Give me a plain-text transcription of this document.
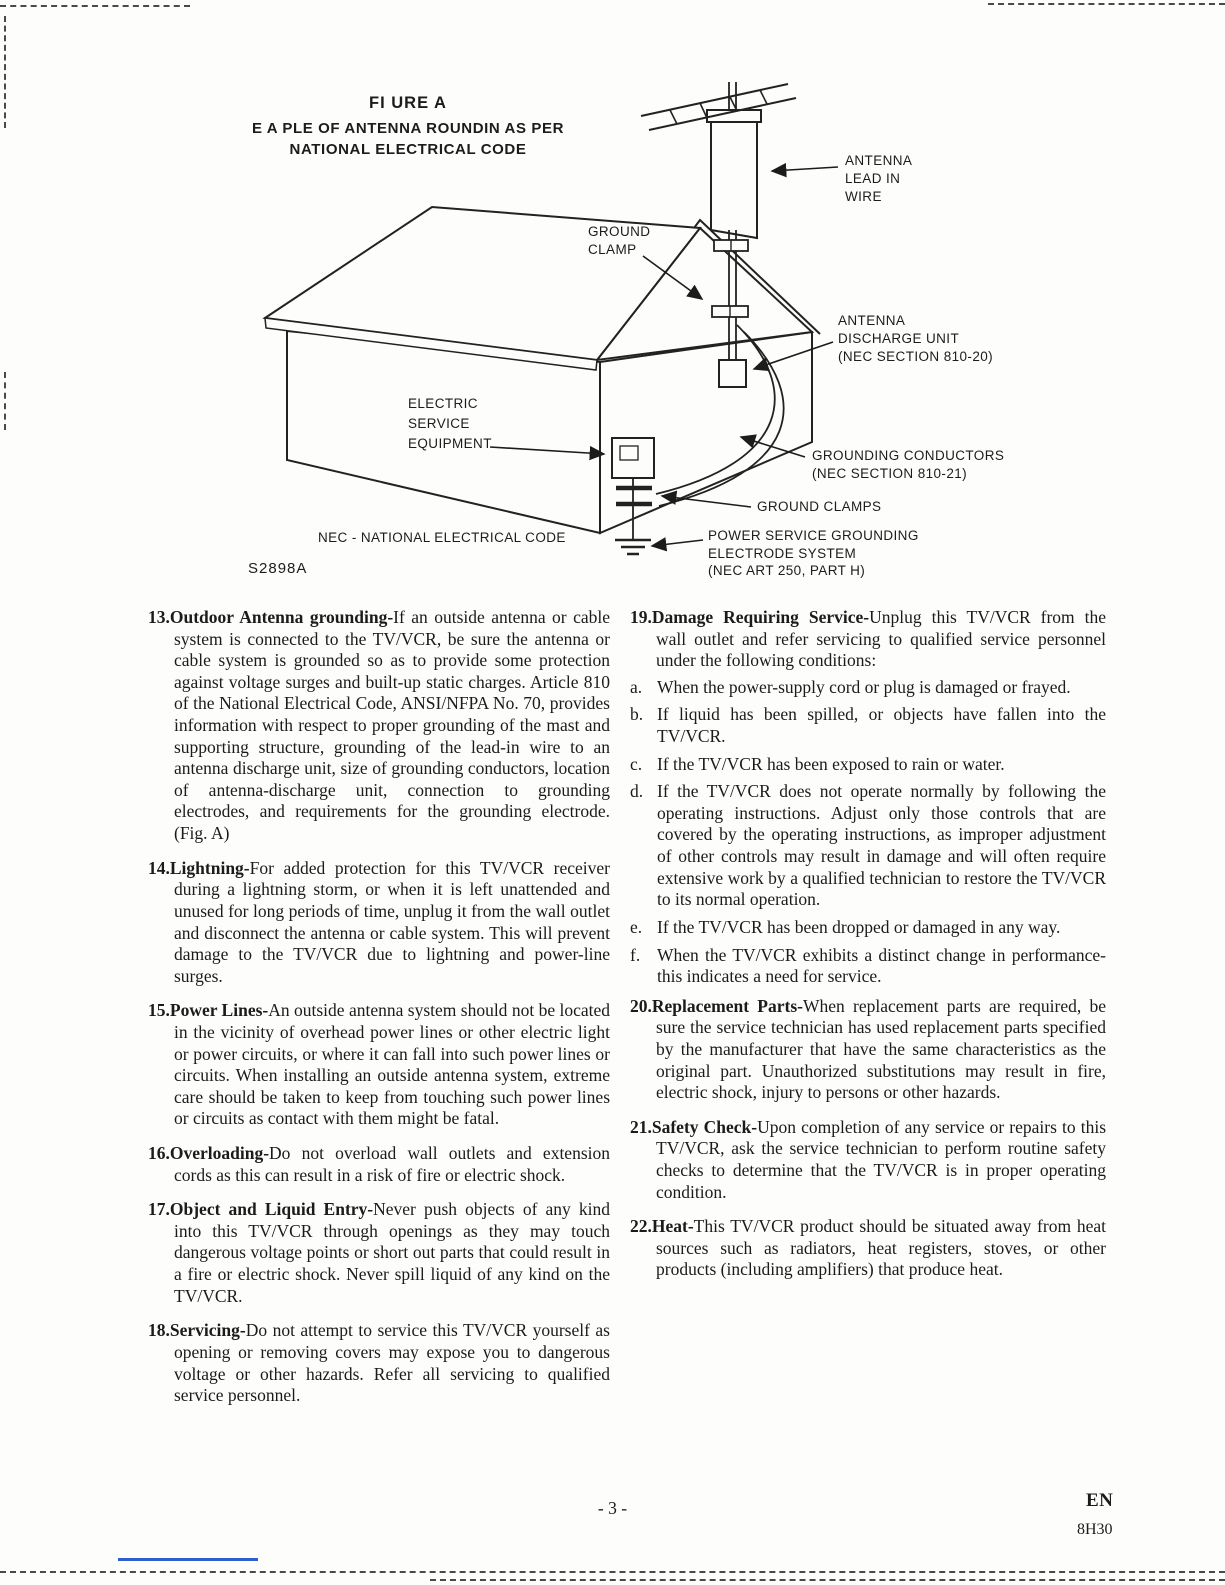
FI URE A
E A PLE OF ANTENNA ROUNDIN AS PER
NATIONAL ELECTRICAL CODE
ANTENNA
LEAD IN
WIRE
GROUND
CLAMP
ANTENNA
DISCHARGE UNIT
(NEC SECTION 810-20)
ELECTRIC
SERVICE
EQUIPMENT
GROUNDING CONDUCTORS
(NEC SECTION 810-21)
GROUND CLAMPS
POWER SERVICE GROUNDING
ELECTRODE SYSTEM
(NEC ART 250, PART H)
NEC - NATIONAL ELECTRICAL CODE
S2898A

13.Outdoor Antenna grounding-If an outside antenna or cable system is connected to the TV/VCR, be sure the antenna or cable system is grounded so as to provide some protection against voltage surges and built-up static charges. Article 810 of the National Electrical Code, ANSI/NFPA No. 70, provides information with respect to proper grounding of the mast and supporting structure, grounding of the lead-in wire to an antenna discharge unit, size of grounding conductors, location of antenna-discharge unit, connection to grounding electrodes, and requirements for the grounding electrode. (Fig. A)

14.Lightning-For added protection for this TV/VCR receiver during a lightning storm, or when it is left unattended and unused for long periods of time, unplug it from the wall outlet and disconnect the antenna or cable system. This will prevent damage to the TV/VCR due to lightning and power-line surges.

15.Power Lines-An outside antenna system should not be located in the vicinity of overhead power lines or other electric light or power circuits, or where it can fall into such power lines or circuits. When installing an outside antenna system, extreme care should be taken to keep from touching such power lines or circuits as contact with them might be fatal.

16.Overloading-Do not overload wall outlets and extension cords as this can result in a risk of fire or electric shock.

17.Object and Liquid Entry-Never push objects of any kind into this TV/VCR through openings as they may touch dangerous voltage points or short out parts that could result in a fire or electric shock. Never spill liquid of any kind on the TV/VCR.

18.Servicing-Do not attempt to service this TV/VCR yourself as opening or removing covers may expose you to dangerous voltage or other hazards. Refer all servicing to qualified service personnel.

19.Damage Requiring Service-Unplug this TV/VCR from the wall outlet and refer servicing to qualified service personnel under the following conditions:

a. When the power-supply cord or plug is damaged or frayed.

b. If liquid has been spilled, or objects have fallen into the TV/VCR.

c. If the TV/VCR has been exposed to rain or water.

d. If the TV/VCR does not operate normally by following the operating instructions. Adjust only those controls that are covered by the operating instructions, as improper adjustment of other controls may result in damage and will often require extensive work by a qualified technician to restore the TV/VCR to its normal operation.

e. If the TV/VCR has been dropped or damaged in any way.

f. When the TV/VCR exhibits a distinct change in performance-this indicates a need for service.

20.Replacement Parts-When replacement parts are required, be sure the service technician has used replacement parts specified by the manufacturer that have the same characteristics as the original part. Unauthorized substitutions may result in fire, electric shock, injury to persons or other hazards.

21.Safety Check-Upon completion of any service or repairs to this TV/VCR, ask the service technician to perform routine safety checks to determine that the TV/VCR is in proper operating condition.

22.Heat-This TV/VCR product should be situated away from heat sources such as radiators, heat registers, stoves, or other products (including amplifiers) that produce heat.

- 3 -	EN
8H30
